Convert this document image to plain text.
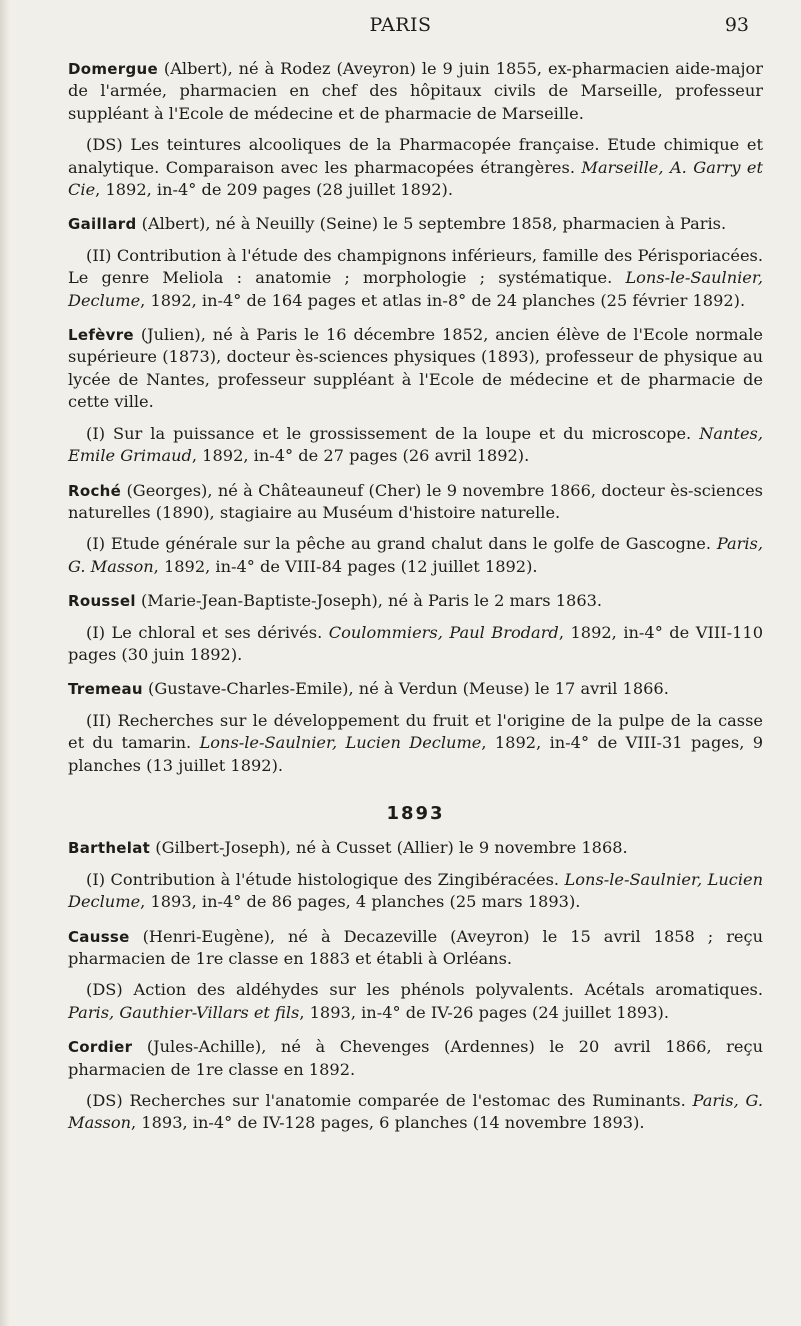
PARIS	93

Domergue (Albert), né à Rodez (Aveyron) le 9 juin 1855, ex-pharmacien aide-major de l'armée, pharmacien en chef des hôpitaux civils de Marseille, professeur suppléant à l'Ecole de médecine et de pharmacie de Marseille.

(DS) Les teintures alcooliques de la Pharmacopée française. Etude chimique et analytique. Comparaison avec les pharmacopées étrangères. Marseille, A. Garry et Cie, 1892, in-4° de 209 pages (28 juillet 1892).

Gaillard (Albert), né à Neuilly (Seine) le 5 septembre 1858, pharmacien à Paris.

(II) Contribution à l'étude des champignons inférieurs, famille des Périsporiacées. Le genre Meliola : anatomie ; morphologie ; systématique. Lons-le-Saulnier, Declume, 1892, in-4° de 164 pages et atlas in-8° de 24 planches (25 février 1892).

Lefèvre (Julien), né à Paris le 16 décembre 1852, ancien élève de l'Ecole normale supérieure (1873), docteur ès-sciences physiques (1893), professeur de physique au lycée de Nantes, professeur suppléant à l'Ecole de médecine et de pharmacie de cette ville.

(I) Sur la puissance et le grossissement de la loupe et du microscope. Nantes, Emile Grimaud, 1892, in-4° de 27 pages (26 avril 1892).

Roché (Georges), né à Châteauneuf (Cher) le 9 novembre 1866, docteur ès-sciences naturelles (1890), stagiaire au Muséum d'histoire naturelle.

(I) Etude générale sur la pêche au grand chalut dans le golfe de Gascogne. Paris, G. Masson, 1892, in-4° de VIII-84 pages (12 juillet 1892).

Roussel (Marie-Jean-Baptiste-Joseph), né à Paris le 2 mars 1863.

(I) Le chloral et ses dérivés. Coulommiers, Paul Brodard, 1892, in-4° de VIII-110 pages (30 juin 1892).

Tremeau (Gustave-Charles-Emile), né à Verdun (Meuse) le 17 avril 1866.

(II) Recherches sur le développement du fruit et l'origine de la pulpe de la casse et du tamarin. Lons-le-Saulnier, Lucien Declume, 1892, in-4° de VIII-31 pages, 9 planches (13 juillet 1892).

1893

Barthelat (Gilbert-Joseph), né à Cusset (Allier) le 9 novembre 1868.

(I) Contribution à l'étude histologique des Zingibéracées. Lons-le-Saulnier, Lucien Declume, 1893, in-4° de 86 pages, 4 planches (25 mars 1893).

Causse (Henri-Eugène), né à Decazeville (Aveyron) le 15 avril 1858 ; reçu pharmacien de 1re classe en 1883 et établi à Orléans.

(DS) Action des aldéhydes sur les phénols polyvalents. Acétals aromatiques. Paris, Gauthier-Villars et fils, 1893, in-4° de IV-26 pages (24 juillet 1893).

Cordier (Jules-Achille), né à Chevenges (Ardennes) le 20 avril 1866, reçu pharmacien de 1re classe en 1892.

(DS) Recherches sur l'anatomie comparée de l'estomac des Ruminants. Paris, G. Masson, 1893, in-4° de IV-128 pages, 6 planches (14 novembre 1893).
